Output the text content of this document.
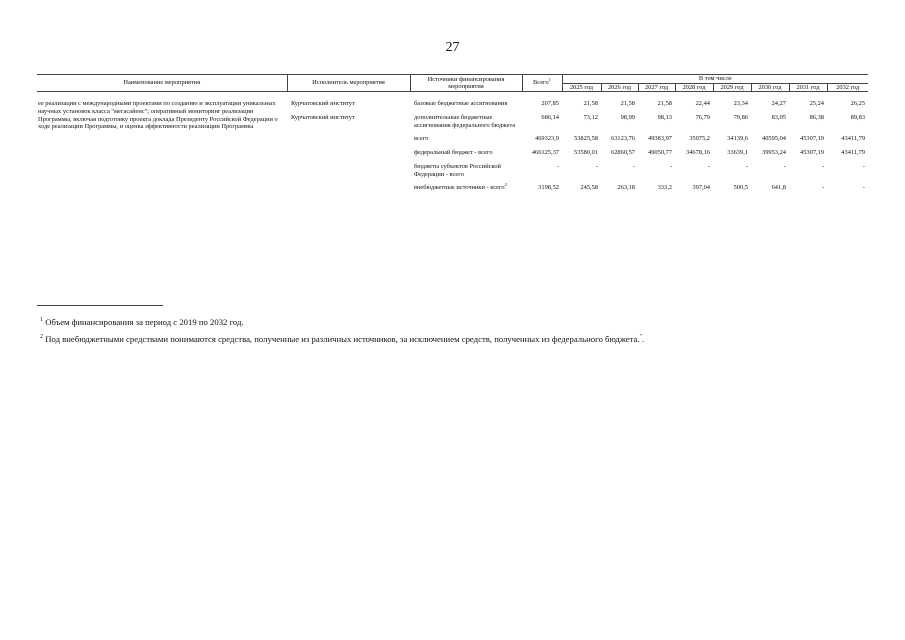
27
Наименование мероприятия	Исполнитель мероприятия	Источники финансирования мероприятия	Всего$^1$	В том числе							
				2025 год	2026 год	2027 год	2028 год	2029 год	2030 год	2031 год	2032 год
ее реализации с международными проектами по созданию и эксплуатации уникальных научных установок класса "мегасайенс"; оперативный мониторинг реализации Программы, включая подготовку проекта доклада Президенту Российской Федерации о ходе реализации Программы, и оценка эффективности реализации Программы	Курчатовский институт	базовые бюджетные ассигнования	207,85	21,58	21,58	21,58	22,44	23,34	24,27	25,24	26,25
	Курчатовский институт	дополнительные бюджетные ассигнования федерального бюджета	686,14	73,12	98,99	98,13	76,79	79,86	83,05	86,38	89,83
		всего	469323,9	53825,58	63123,76	49383,97	35075,2	34139,6	40595,04	45307,19	43411,79
		федеральный бюджет - всего	466125,37	53580,01	62860,57	49050,77	34678,16	33639,1	39953,24	45307,19	43411,79
		бюджеты субъектов Российской Федерации - всего	-	-	-	-	-	-	-	-	-
		внебюджетные источники - всего$^2$	3198,52	245,58	263,18	333,2	397,04	500,5	641,8	-	-
$^1$ Объем финансирования за период с 2019 по 2032 год.
$^2$ Под внебюджетными средствами понимаются средства, полученные из различных источников, за исключением средств, полученных из федерального бюджета.".
